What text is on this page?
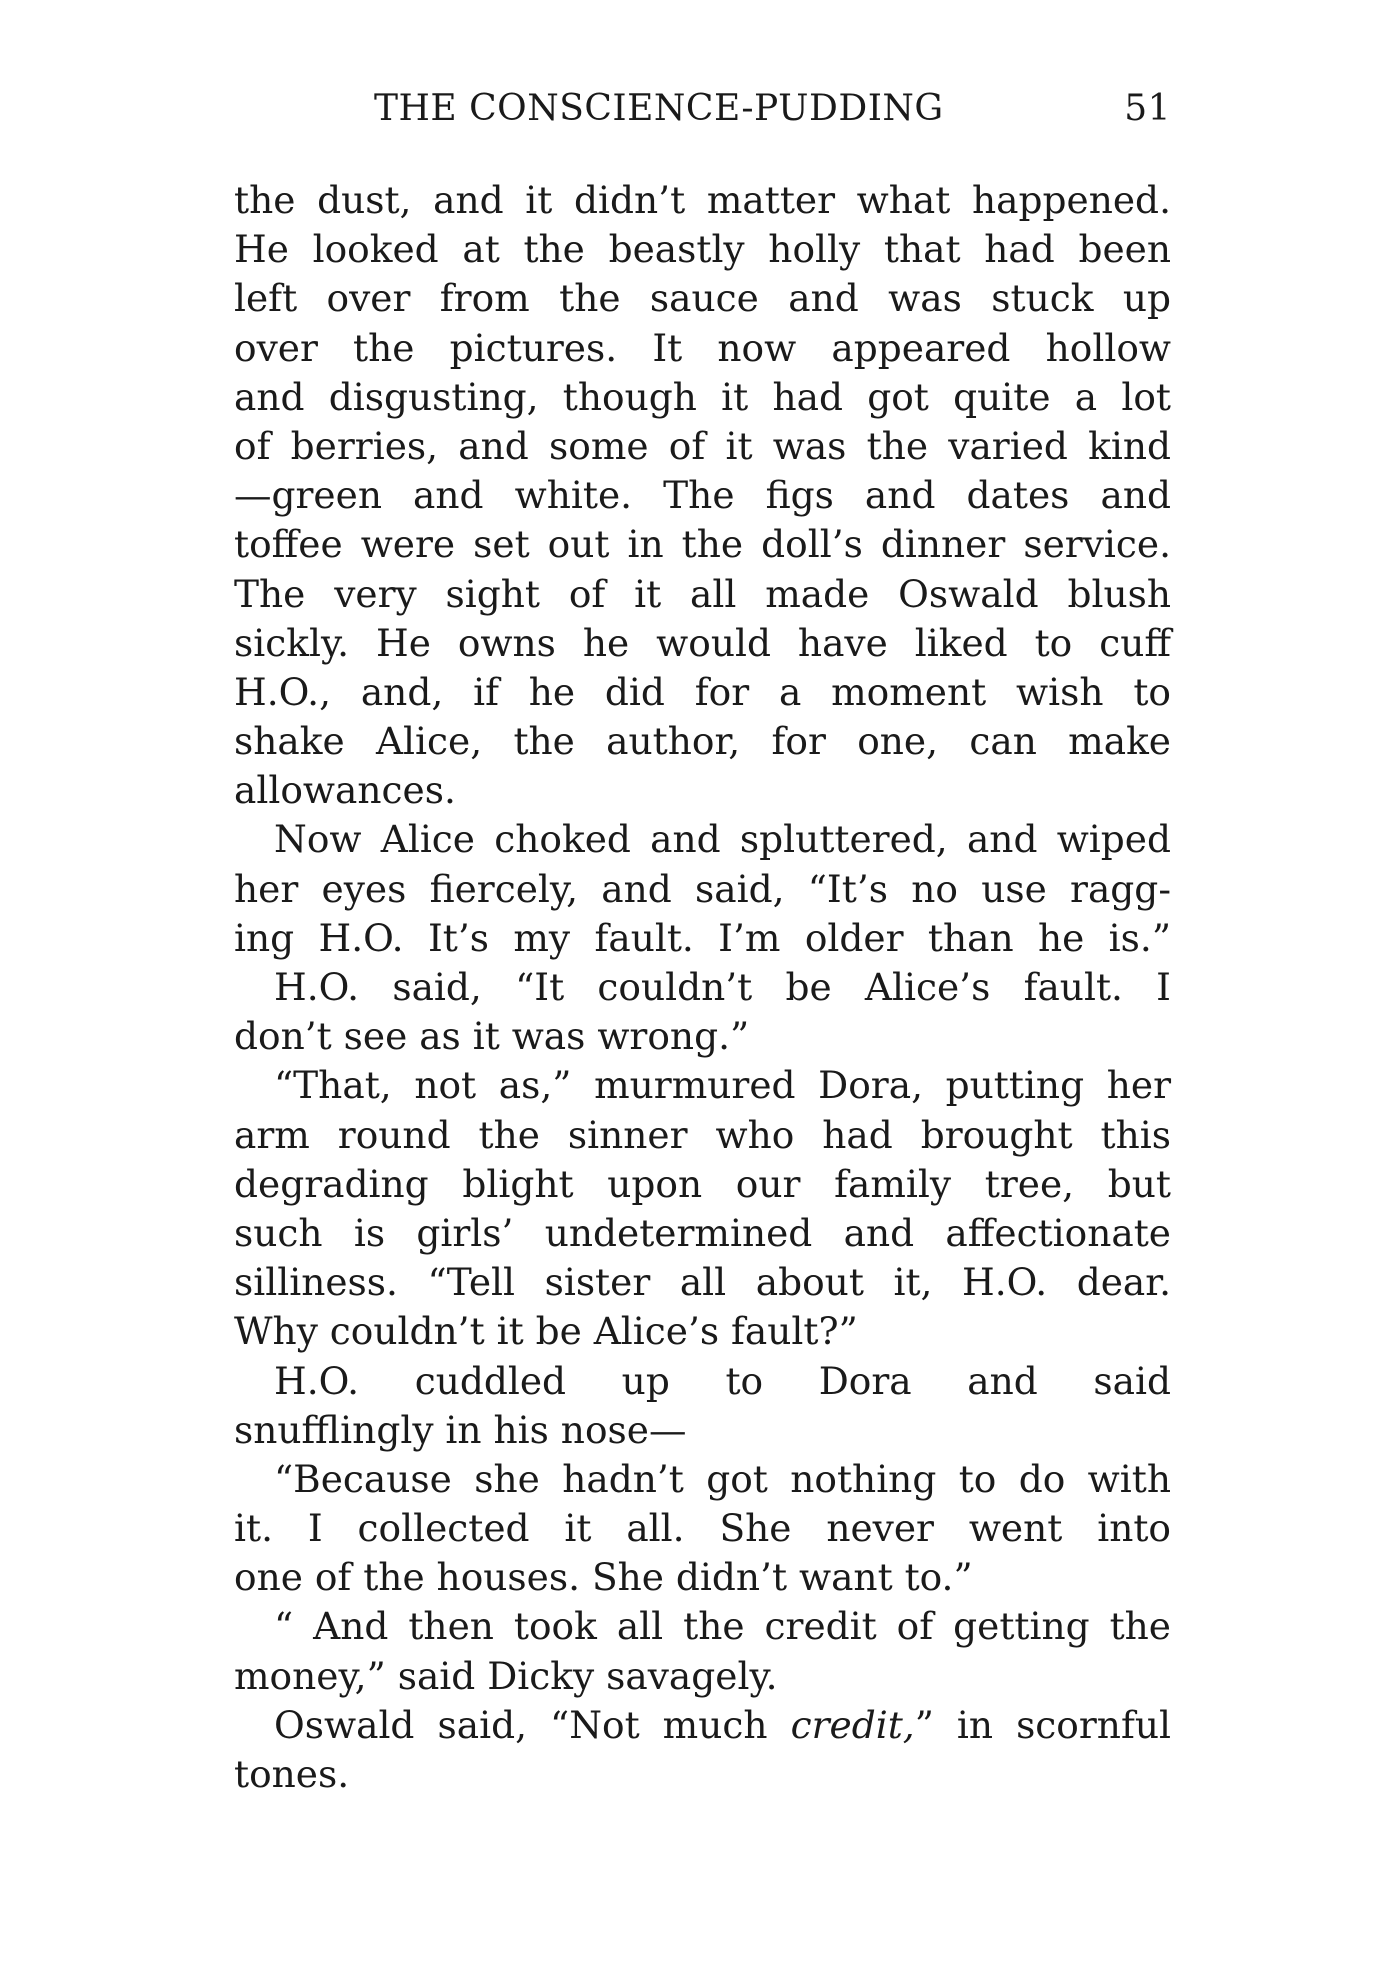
THE CONSCIENCE-PUDDING	51
the dust, and it didn’t matter what happened.
He looked at the beastly holly that had been
left over from the sauce and was stuck up
over the pictures. It now appeared hollow
and disgusting, though it had got quite a lot
of berries, and some of it was the varied kind
—green and white. The figs and dates and
toffee were set out in the doll’s dinner service.
The very sight of it all made Oswald blush
sickly. He owns he would have liked to cuff
H.O., and, if he did for a moment wish to
shake Alice, the author, for one, can make
allowances.
Now Alice choked and spluttered, and wiped
her eyes fiercely, and said, “It’s no use ragg-
ing H.O. It’s my fault. I’m older than he is.”
H.O. said, “It couldn’t be Alice’s fault. I
don’t see as it was wrong.”
“That, not as,” murmured Dora, putting her
arm round the sinner who had brought this
degrading blight upon our family tree, but
such is girls’ undetermined and affectionate
silliness. “Tell sister all about it, H.O. dear.
Why couldn’t it be Alice’s fault?”
H.O. cuddled up to Dora and said
snufflingly in his nose—
“Because she hadn’t got nothing to do with
it. I collected it all. She never went into
one of the houses. She didn’t want to.”
“ And then took all the credit of getting the
money,” said Dicky savagely.
Oswald said, “Not much credit,” in scornful
tones.
